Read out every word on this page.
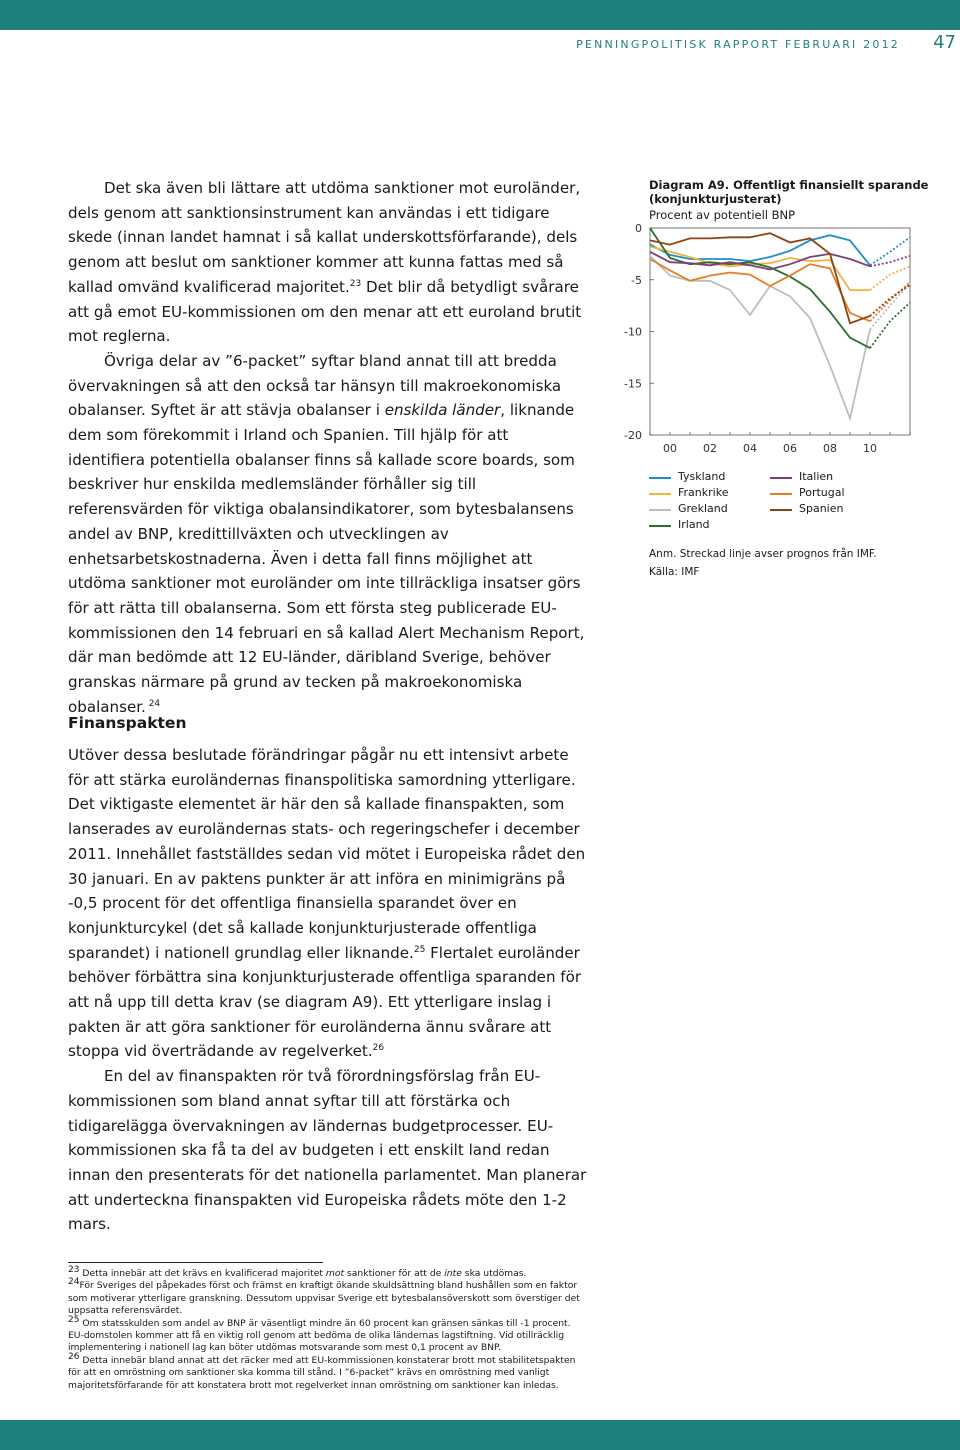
PENNINGPOLITISK RAPPORT FEBRUARI 2012 47

Det ska även bli lättare att utdöma sanktioner mot euroländer, dels genom att sanktionsinstrument kan användas i ett tidigare skede (innan landet hamnat i så kallat underskottsförfarande), dels genom att beslut om sanktioner kommer att kunna fattas med så kallad omvänd kvalificerad majoritet.$^{23}$ Det blir då betydligt svårare att gå emot EU-kommissionen om den menar att ett euroland brutit mot reglerna.

Övriga delar av ”6-packet” syftar bland annat till att bredda övervakningen så att den också tar hänsyn till makroekonomiska obalanser. Syftet är att stävja obalanser i enskilda länder, liknande dem som förekommit i Irland och Spanien. Till hjälp för att identifiera potentiella obalanser finns så kallade score boards, som beskriver hur enskilda medlemsländer förhåller sig till referensvärden för viktiga obalansindikatorer, som bytesbalansens andel av BNP, kredittillväxten och utvecklingen av enhetsarbetskostnaderna. Även i detta fall finns möjlighet att utdöma sanktioner mot euroländer om inte tillräckliga insatser görs för att rätta till obalanserna. Som ett första steg publicerade EU-kommissionen den 14 februari en så kallad Alert Mechanism Report, där man bedömde att 12 EU-länder, däribland Sverige, behöver granskas närmare på grund av tecken på makroekonomiska obalanser. $^{24}$

Finanspakten

Utöver dessa beslutade förändringar pågår nu ett intensivt arbete för att stärka euroländernas finanspolitiska samordning ytterligare. Det viktigaste elementet är här den så kallade finanspakten, som lanserades av euroländernas stats- och regeringschefer i december 2011. Innehållet fastställdes sedan vid mötet i Europeiska rådet den 30 januari. En av paktens punkter är att införa en minimigräns på -0,5 procent för det offentliga finansiella sparandet över en konjunkturcykel (det så kallade konjunkturjusterade offentliga sparandet) i nationell grundlag eller liknande.$^{25}$ Flertalet euroländer behöver förbättra sina konjunkturjusterade offentliga sparanden för att nå upp till detta krav (se diagram A9). Ett ytterligare inslag i pakten är att göra sanktioner för euroländerna ännu svårare att stoppa vid överträdande av regelverket.$^{26}$

En del av finanspakten rör två förordningsförslag från EU-kommissionen som bland annat syftar till att förstärka och tidigarelägga övervakningen av ländernas budgetprocesser. EU-kommissionen ska få ta del av budgeten i ett enskilt land redan innan den presenterats för det nationella parlamentet. Man planerar att underteckna finanspakten vid Europeiska rådets möte den 1-2 mars.

$^{23}$ Detta innebär att det krävs en kvalificerad majoritet mot sanktioner för att de inte ska utdömas.

$^{24}$För Sveriges del påpekades först och främst en kraftigt ökande skuldsättning bland hushållen som en faktor som motiverar ytterligare granskning. Dessutom uppvisar Sverige ett bytesbalansöverskott som överstiger det uppsatta referensvärdet.

$^{25}$ Om statsskulden som andel av BNP är väsentligt mindre än 60 procent kan gränsen sänkas till -1 procent. EU-domstolen kommer att få en viktig roll genom att bedöma de olika ländernas lagstiftning. Vid otillräcklig implementering i nationell lag kan böter utdömas motsvarande som mest 0,1 procent av BNP.

$^{26}$ Detta innebär bland annat att det räcker med att EU-kommissionen konstaterar brott mot stabilitetspakten för att en omröstning om sanktioner ska komma till stånd. I ”6-packet” krävs en omröstning med vanligt majoritetsförfarande för att konstatera brott mot regelverket innan omröstning om sanktioner kan inledas.

Diagram A9. Offentligt finansiellt sparande (konjunkturjusterat)
Procent av potentiell BNP
0
-5
-10
-15
-20
00 02 04 06 08 10
Tyskland
Frankrike
Grekland
Irland
Italien
Portugal
Spanien
Anm. Streckad linje avser prognos från IMF.
Källa: IMF
